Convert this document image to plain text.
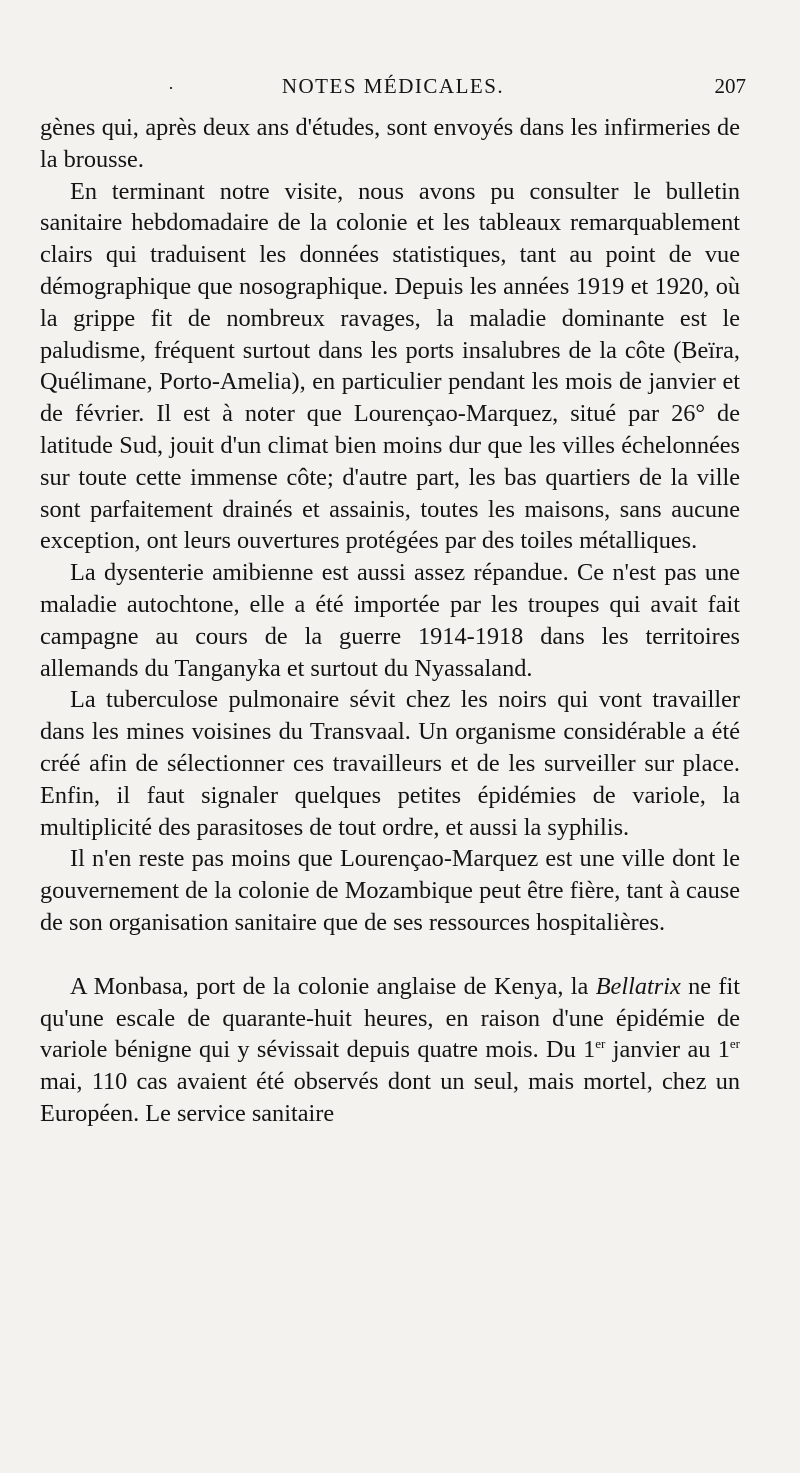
·	NOTES MÉDICALES.	207

gènes qui, après deux ans d'études, sont envoyés dans les infirmeries de la brousse.

En terminant notre visite, nous avons pu consulter le bulletin sanitaire hebdomadaire de la colonie et les tableaux remarquablement clairs qui traduisent les données statistiques, tant au point de vue démographique que nosographique. Depuis les années 1919 et 1920, où la grippe fit de nombreux ravages, la maladie dominante est le paludisme, fréquent surtout dans les ports insalubres de la côte (Beïra, Quélimane, Porto-Amelia), en particulier pendant les mois de janvier et de février. Il est à noter que Lourençao-Marquez, situé par 26° de latitude Sud, jouit d'un climat bien moins dur que les villes échelonnées sur toute cette immense côte; d'autre part, les bas quartiers de la ville sont parfaitement drainés et assainis, toutes les maisons, sans aucune exception, ont leurs ouvertures protégées par des toiles métalliques.

La dysenterie amibienne est aussi assez répandue. Ce n'est pas une maladie autochtone, elle a été importée par les troupes qui avait fait campagne au cours de la guerre 1914-1918 dans les territoires allemands du Tanganyka et surtout du Nyassaland.

La tuberculose pulmonaire sévit chez les noirs qui vont travailler dans les mines voisines du Transvaal. Un organisme considérable a été créé afin de sélectionner ces travailleurs et de les surveiller sur place. Enfin, il faut signaler quelques petites épidémies de variole, la multiplicité des parasitoses de tout ordre, et aussi la syphilis.

Il n'en reste pas moins que Lourençao-Marquez est une ville dont le gouvernement de la colonie de Mozambique peut être fière, tant à cause de son organisation sanitaire que de ses ressources hospitalières.

A Monbasa, port de la colonie anglaise de Kenya, la Bellatrix ne fit qu'une escale de quarante-huit heures, en raison d'une épidémie de variole bénigne qui y sévissait depuis quatre mois. Du 1er janvier au 1er mai, 110 cas avaient été observés dont un seul, mais mortel, chez un Européen. Le service sanitaire
